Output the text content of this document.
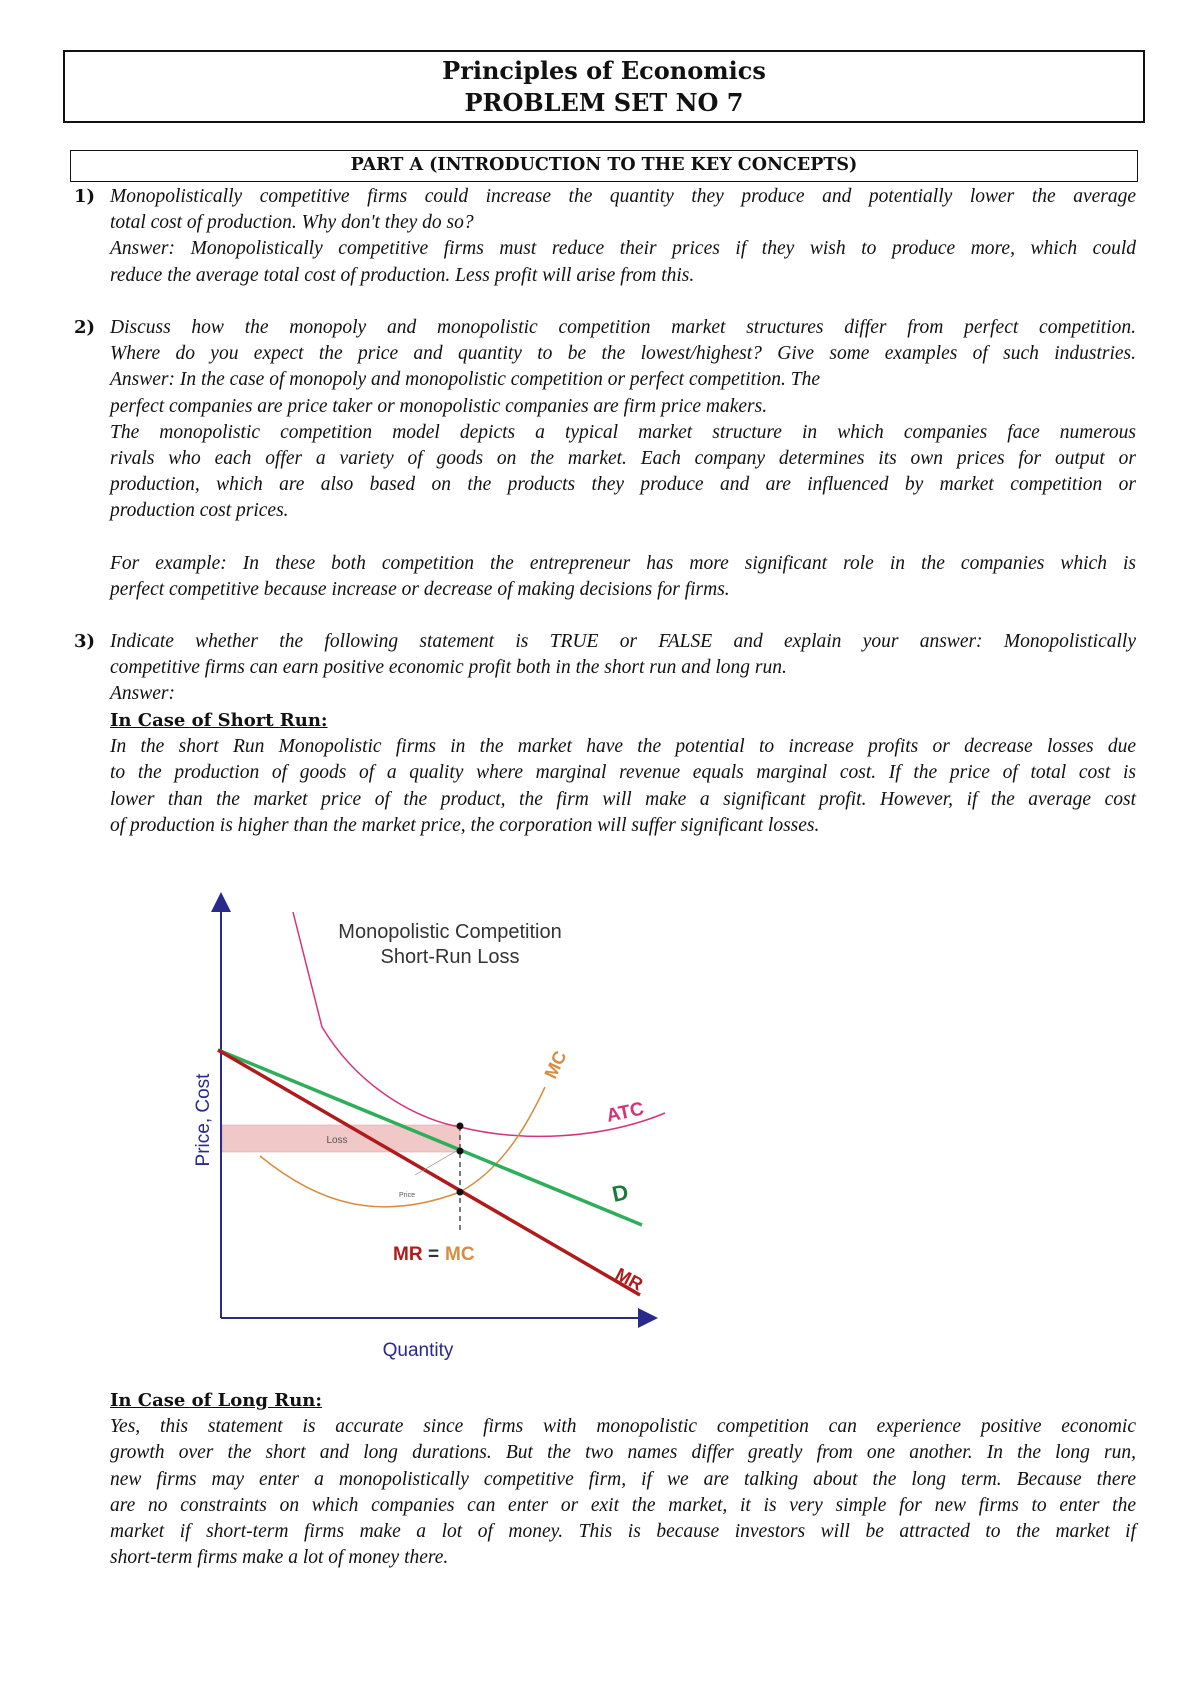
Principles of Economics
PROBLEM SET NO 7
PART A (INTRODUCTION TO THE KEY CONCEPTS)
1) Monopolistically competitive firms could increase the quantity they produce and potentially lower the average
total cost of production. Why don't they do so?
Answer: Monopolistically competitive firms must reduce their prices if they wish to produce more, which could
reduce the average total cost of production. Less profit will arise from this.
2) Discuss how the monopoly and monopolistic competition market structures differ from perfect competition.
Where do you expect the price and quantity to be the lowest/highest? Give some examples of such industries.
Answer: In the case of monopoly and monopolistic competition or perfect competition. The
perfect companies are price taker or monopolistic companies are firm price makers.
The monopolistic competition model depicts a typical market structure in which companies face numerous
rivals who each offer a variety of goods on the market. Each company determines its own prices for output or
production, which are also based on the products they produce and are influenced by market competition or
production cost prices.
For example: In these both competition the entrepreneur has more significant role in the companies which is
perfect competitive because increase or decrease of making decisions for firms.
3) Indicate whether the following statement is TRUE or FALSE and explain your answer: Monopolistically
competitive firms can earn positive economic profit both in the short run and long run.
Answer:
In Case of Short Run:
In the short Run Monopolistic firms in the market have the potential to increase profits or decrease losses due
to the production of goods of a quality where marginal revenue equals marginal cost. If the price of total cost is
lower than the market price of the product, the firm will make a significant profit. However, if the average cost
of production is higher than the market price, the corporation will suffer significant losses.
Monopolistic Competition
Short-Run Loss
Price, Cost
Quantity
Loss
Price
MC
ATC
D
MR
MR = MC
In Case of Long Run:
Yes, this statement is accurate since firms with monopolistic competition can experience positive economic
growth over the short and long durations. But the two names differ greatly from one another. In the long run,
new firms may enter a monopolistically competitive firm, if we are talking about the long term. Because there
are no constraints on which companies can enter or exit the market, it is very simple for new firms to enter the
market if short-term firms make a lot of money. This is because investors will be attracted to the market if
short-term firms make a lot of money there.
